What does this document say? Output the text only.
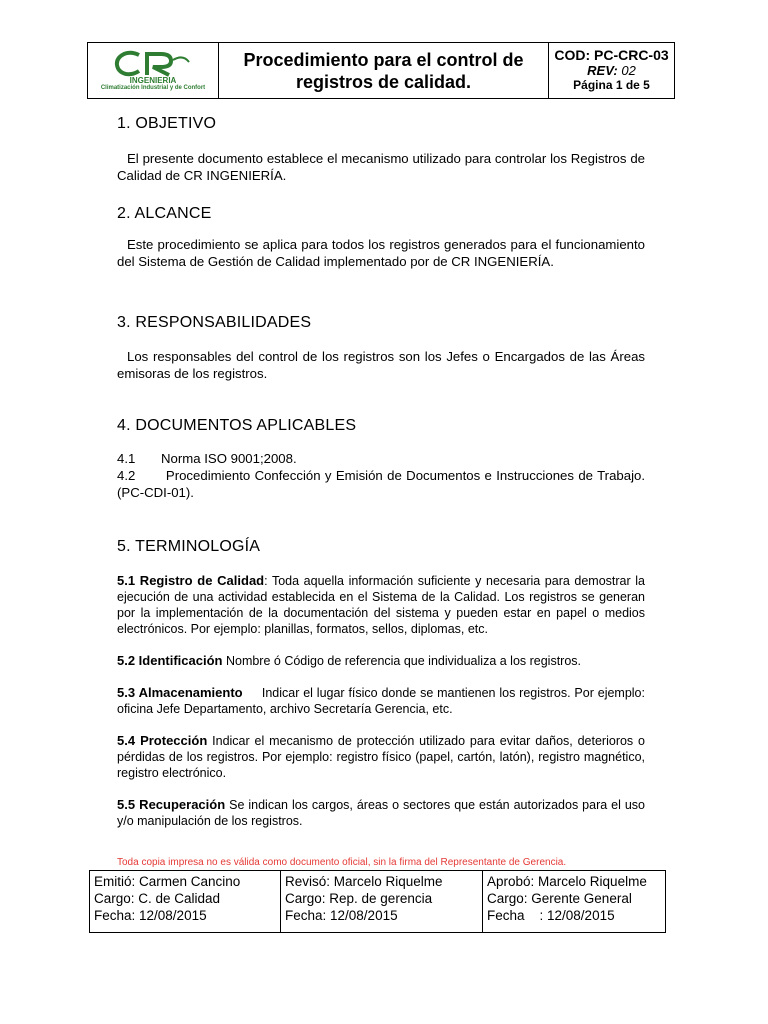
INGENIERIA
Climatización Industrial y de Confort
Procedimiento para el control de registros de calidad.
COD: PC-CRC-03
REV: 02
Página 1 de 5
1. OBJETIVO

El presente documento establece el mecanismo utilizado para controlar los Registros de Calidad de CR INGENIERÍA.

2. ALCANCE

Este procedimiento se aplica para todos los registros generados para el funcionamiento del Sistema de Gestión de Calidad implementado por de CR INGENIERÍA.

3. RESPONSABILIDADES

Los responsables del control de los registros son los Jefes o Encargados de las Áreas emisoras de los registros.

4. DOCUMENTOS APLICABLES

4.1 Norma ISO 9001;2008.

4.2 Procedimiento Confección y Emisión de Documentos e Instrucciones de Trabajo. (PC-CDI-01).

5. TERMINOLOGÍA

5.1 Registro de Calidad: Toda aquella información suficiente y necesaria para demostrar la ejecución de una actividad establecida en el Sistema de la Calidad. Los registros se generan por la implementación de la documentación del sistema y pueden estar en papel o medios electrónicos. Por ejemplo: planillas, formatos, sellos, diplomas, etc.

5.2 Identificación Nombre ó Código de referencia que individualiza a los registros.

5.3 Almacenamiento Indicar el lugar físico donde se mantienen los registros. Por ejemplo: oficina Jefe Departamento, archivo Secretaría Gerencia, etc.

5.4 Protección Indicar el mecanismo de protección utilizado para evitar daños, deterioros o pérdidas de los registros. Por ejemplo: registro físico (papel, cartón, latón), registro magnético, registro electrónico.

5.5 Recuperación Se indican los cargos, áreas o sectores que están autorizados para el uso y/o manipulación de los registros.

Toda copia impresa no es válida como documento oficial, sin la firma del Representante de Gerencia.
Emitió: Carmen Cancino
Cargo: C. de Calidad
Fecha: 12/08/2015
Revisó: Marcelo Riquelme
Cargo: Rep. de gerencia
Fecha: 12/08/2015
Aprobó: Marcelo Riquelme
Cargo: Gerente General
Fecha    : 12/08/2015
